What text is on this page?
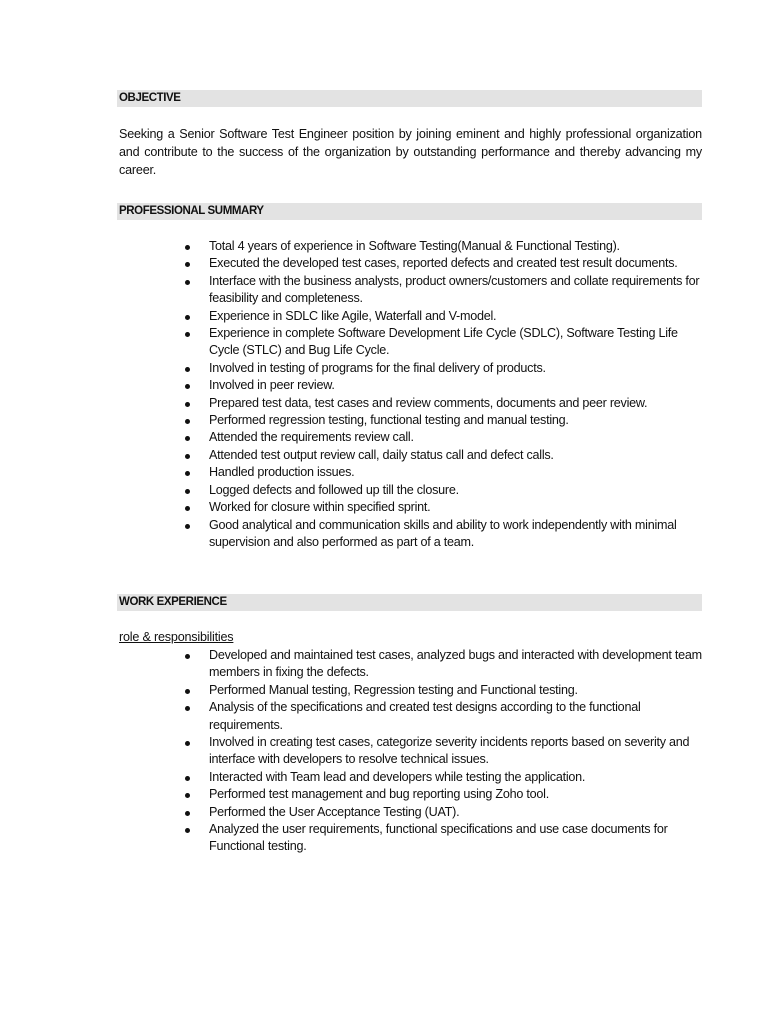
OBJECTIVE
Seeking a Senior Software Test Engineer position by joining eminent and highly professional organization and contribute to the success of the organization by outstanding performance and thereby advancing my career.
PROFESSIONAL SUMMARY
Total 4 years of experience in Software Testing(Manual & Functional Testing).
Executed the developed test cases, reported defects and created test result documents.
Interface with the business analysts, product owners/customers and collate requirements for feasibility and completeness.
Experience in SDLC like Agile, Waterfall and V-model.
Experience in complete Software Development Life Cycle (SDLC), Software Testing Life Cycle (STLC) and Bug Life Cycle.
Involved in testing of programs for the final delivery of products.
Involved in peer review.
Prepared test data, test cases and review comments, documents and peer review.
Performed regression testing, functional testing and manual testing.
Attended the requirements review call.
Attended test output review call, daily status call and defect calls.
Handled production issues.
Logged defects and followed up till the closure.
Worked for closure within specified sprint.
Good analytical and communication skills and ability to work independently with minimal supervision and also performed as part of a team.
WORK EXPERIENCE
role & responsibilities
Developed and maintained test cases, analyzed bugs and interacted with development team members in fixing the defects.
Performed Manual testing, Regression testing and Functional testing.
Analysis of the specifications and created test designs according to the functional requirements.
Involved in creating test cases, categorize severity incidents reports based on severity and interface with developers to resolve technical issues.
Interacted with Team lead and developers while testing the application.
Performed test management and bug reporting using Zoho tool.
Performed the User Acceptance Testing (UAT).
Analyzed the user requirements, functional specifications and use case documents for Functional testing.
